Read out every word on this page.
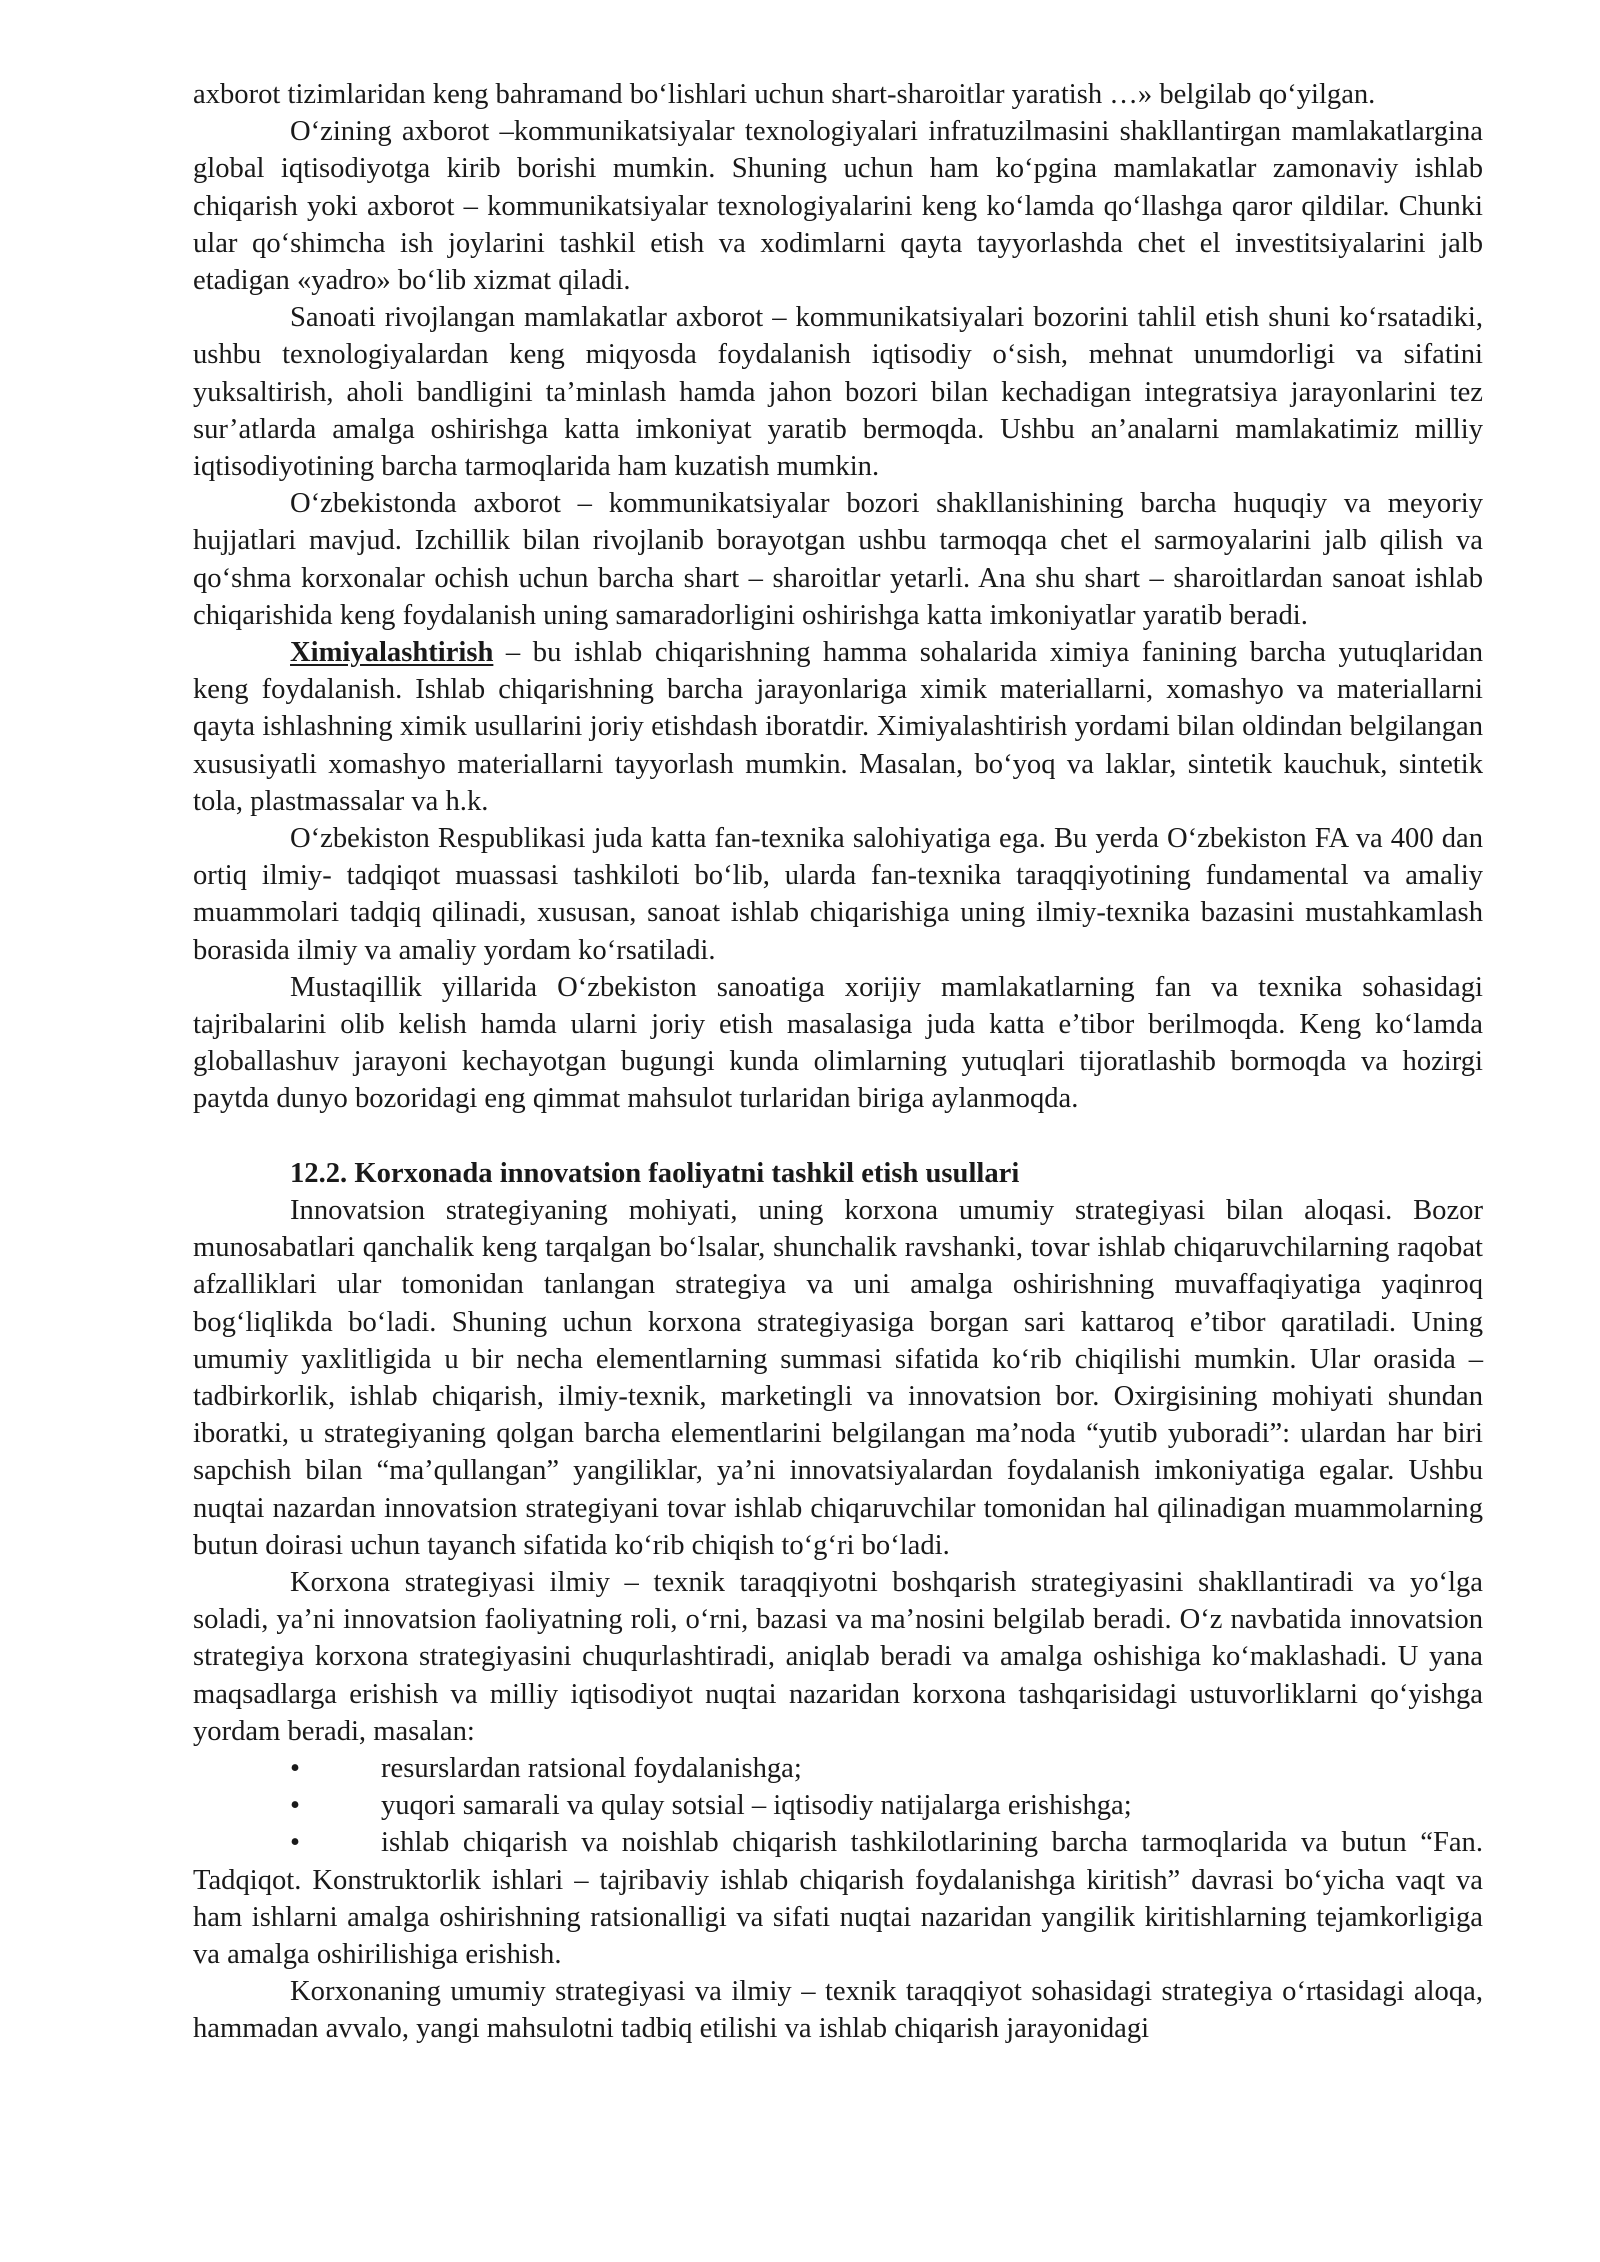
axborot tizimlaridan keng bahramand bo‘lishlari uchun shart-sharoitlar yaratish …» belgilab qo‘yilgan.

O‘zining axborot –kommunikatsiyalar texnologiyalari infratuzilmasini shakllantirgan mamlakatlargina global iqtisodiyotga kirib borishi mumkin. Shuning uchun ham ko‘pgina mamlakatlar zamonaviy ishlab chiqarish yoki axborot – kommunikatsiyalar texnologiyalarini keng ko‘lamda qo‘llashga qaror qildilar. Chunki ular qo‘shimcha ish joylarini tashkil etish va xodimlarni qayta tayyorlashda chet el investitsiyalarini jalb etadigan «yadro» bo‘lib xizmat qiladi.

Sanoati rivojlangan mamlakatlar axborot – kommunikatsiyalari bozorini tahlil etish shuni ko‘rsatadiki, ushbu texnologiyalardan keng miqyosda foydalanish iqtisodiy o‘sish, mehnat unumdorligi va sifatini yuksaltirish, aholi bandligini ta’minlash hamda jahon bozori bilan kechadigan integratsiya jarayonlarini tez sur’atlarda amalga oshirishga katta imkoniyat yaratib bermoqda. Ushbu an’analarni mamlakatimiz milliy iqtisodiyotining barcha tarmoqlarida ham kuzatish mumkin.

O‘zbekistonda axborot – kommunikatsiyalar bozori shakllanishining barcha huquqiy va meyoriy hujjatlari mavjud. Izchillik bilan rivojlanib borayotgan ushbu tarmoqqa chet el sarmoyalarini jalb qilish va qo‘shma korxonalar ochish uchun barcha shart – sharoitlar yetarli. Ana shu shart – sharoitlardan sanoat ishlab chiqarishida keng foydalanish uning samaradorligini oshirishga katta imkoniyatlar yaratib beradi.

Ximiyalashtirish – bu ishlab chiqarishning hamma sohalarida ximiya fanining barcha yutuqlaridan keng foydalanish. Ishlab chiqarishning barcha jarayonlariga ximik materiallarni, xomashyo va materiallarni qayta ishlashning ximik usullarini joriy etishdash iboratdir. Ximiyalashtirish yordami bilan oldindan belgilangan xususiyatli xomashyo materiallarni tayyorlash mumkin. Masalan, bo‘yoq va laklar, sintetik kauchuk, sintetik tola, plastmassalar va h.k.

O‘zbekiston Respublikasi juda katta fan-texnika salohiyatiga ega. Bu yerda O‘zbekiston FA va 400 dan ortiq ilmiy- tadqiqot muassasi tashkiloti bo‘lib, ularda fan-texnika taraqqiyotining fundamental va amaliy muammolari tadqiq qilinadi, xususan, sanoat ishlab chiqarishiga uning ilmiy-texnika bazasini mustahkamlash borasida ilmiy va amaliy yordam ko‘rsatiladi.

Mustaqillik yillarida O‘zbekiston sanoatiga xorijiy mamlakatlarning fan va texnika sohasidagi tajribalarini olib kelish hamda ularni joriy etish masalasiga juda katta e’tibor berilmoqda. Keng ko‘lamda globallashuv jarayoni kechayotgan bugungi kunda olimlarning yutuqlari tijoratlashib bormoqda va hozirgi paytda dunyo bozoridagi eng qimmat mahsulot turlaridan biriga aylanmoqda.

12.2. Korxonada innovatsion faoliyatni tashkil etish usullari

Innovatsion strategiyaning mohiyati, uning korxona umumiy strategiyasi bilan aloqasi. Bozor munosabatlari qanchalik keng tarqalgan bo‘lsalar, shunchalik ravshanki, tovar ishlab chiqaruvchilarning raqobat afzalliklari ular tomonidan tanlangan strategiya va uni amalga oshirishning muvaffaqiyatiga yaqinroq bog‘liqlikda bo‘ladi. Shuning uchun korxona strategiyasiga borgan sari kattaroq e’tibor qaratiladi. Uning umumiy yaxlitligida u bir necha elementlarning summasi sifatida ko‘rib chiqilishi mumkin. Ular orasida – tadbirkorlik, ishlab chiqarish, ilmiy-texnik, marketingli va innovatsion bor. Oxirgisining mohiyati shundan iboratki, u strategiyaning qolgan barcha elementlarini belgilangan ma’noda “yutib yuboradi”: ulardan har biri sapchish bilan “ma’qullangan” yangiliklar, ya’ni innovatsiyalardan foydalanish imkoniyatiga egalar. Ushbu nuqtai nazardan innovatsion strategiyani tovar ishlab chiqaruvchilar tomonidan hal qilinadigan muammolarning butun doirasi uchun tayanch sifatida ko‘rib chiqish to‘g‘ri bo‘ladi.

Korxona strategiyasi ilmiy – texnik taraqqiyotni boshqarish strategiyasini shakllantiradi va yo‘lga soladi, ya’ni innovatsion faoliyatning roli, o‘rni, bazasi va ma’nosini belgilab beradi. O‘z navbatida innovatsion strategiya korxona strategiyasini chuqurlashtiradi, aniqlab beradi va amalga oshishiga ko‘maklashadi. U yana maqsadlarga erishish va milliy iqtisodiyot nuqtai nazaridan korxona tashqarisidagi ustuvorliklarni qo‘yishga yordam beradi, masalan:

•	resurslardan ratsional foydalanishga;
•	yuqori samarali va qulay sotsial – iqtisodiy natijalarga erishishga;
•	ishlab chiqarish va noishlab chiqarish tashkilotlarining barcha tarmoqlarida va butun “Fan. Tadqiqot. Konstruktorlik ishlari – tajribaviy ishlab chiqarish foydalanishga kiritish” davrasi bo‘yicha vaqt va ham ishlarni amalga oshirishning ratsionalligi va sifati nuqtai nazaridan yangilik kiritishlarning tejamkorligiga va amalga oshirilishiga erishish.

Korxonaning umumiy strategiyasi va ilmiy – texnik taraqqiyot sohasidagi strategiya o‘rtasidagi aloqa, hammadan avvalo, yangi mahsulotni tadbiq etilishi va ishlab chiqarish jarayonidagi
